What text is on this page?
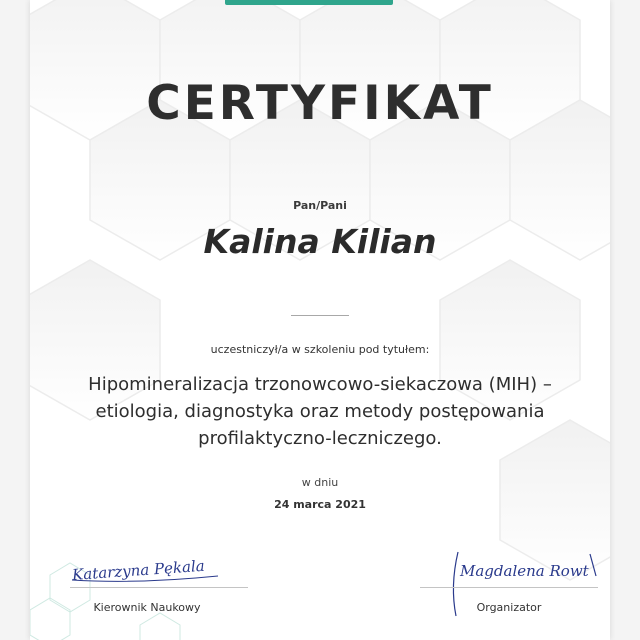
CERTYFIKAT
Pan/Pani
Kalina Kilian
uczestniczył/a w szkoleniu pod tytułem:
Hipomineralizacja trzonowcowo-siekaczowa (MIH) –
etiologia, diagnostyka oraz metody postępowania
profilaktyczno-leczniczego.
w dniu
24 marca 2021
Katarzyna Pękala
Kierownik Naukowy
Magdalena Rowt
Organizator
